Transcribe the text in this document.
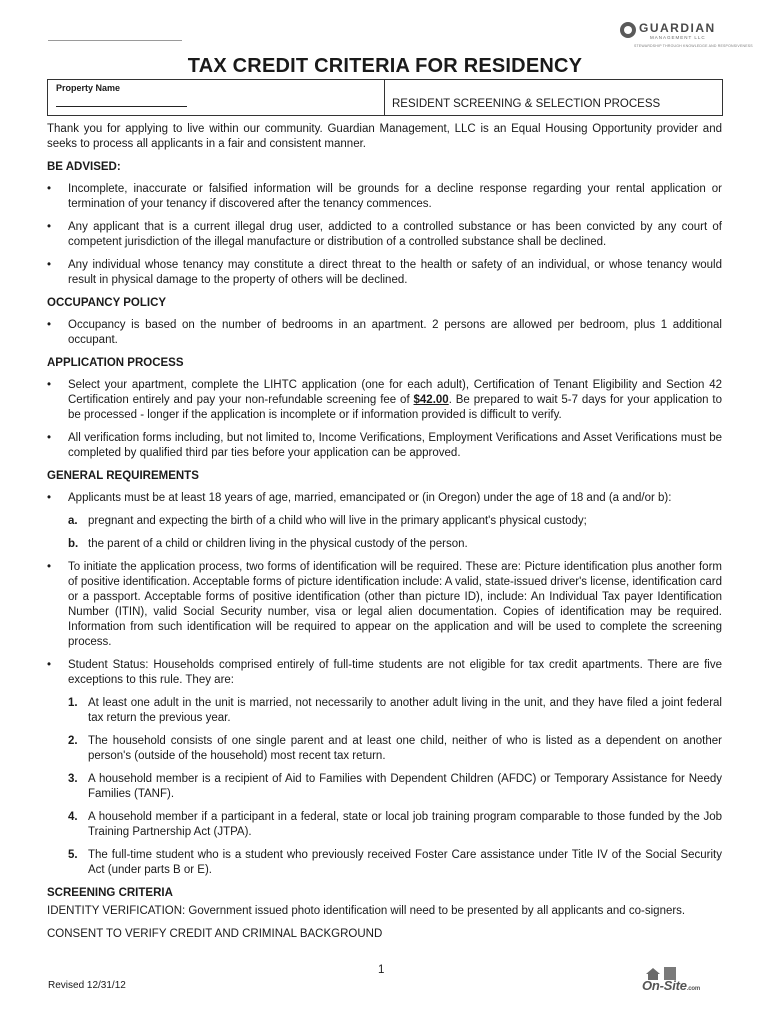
GUARDIAN
MANAGEMENT LLC
STEWARDSHIP THROUGH KNOWLEDGE AND RESPONSIVENESS
TAX CREDIT CRITERIA FOR RESIDENCY
Property Name
RESIDENT SCREENING & SELECTION PROCESS

Thank you for applying to live within our community. Guardian Management, LLC is an Equal Housing Opportunity provider and seeks to process all applicants in a fair and consistent manner.

BE ADVISED:

• Incomplete, inaccurate or falsified information will be grounds for a decline response regarding your rental application or termination of your tenancy if discovered after the tenancy commences.
• Any applicant that is a current illegal drug user, addicted to a controlled substance or has been convicted by any court of competent jurisdiction of the illegal manufacture or distribution of a controlled substance shall be declined.
• Any individual whose tenancy may constitute a direct threat to the health or safety of an individual, or whose tenancy would result in physical damage to the property of others will be declined.

OCCUPANCY POLICY

• Occupancy is based on the number of bedrooms in an apartment. 2 persons are allowed per bedroom, plus 1 additional occupant.

APPLICATION PROCESS

• Select your apartment, complete the LIHTC application (one for each adult), Certification of Tenant Eligibility and Section 42 Certification entirely and pay your non-refundable screening fee of $42.00. Be prepared to wait 5-7 days for your application to be processed - longer if the application is incomplete or if information provided is difficult to verify.
• All verification forms including, but not limited to, Income Verifications, Employment Verifications and Asset Verifications must be completed by qualified third par ties before your application can be approved.

GENERAL REQUIREMENTS

• Applicants must be at least 18 years of age, married, emancipated or (in Oregon) under the age of 18 and (a and/or b):
a. pregnant and expecting the birth of a child who will live in the primary applicant's physical custody;
b. the parent of a child or children living in the physical custody of the person.
• To initiate the application process, two forms of identification will be required. These are: Picture identification plus another form of positive identification. Acceptable forms of picture identification include: A valid, state-issued driver's license, identification card or a passport. Acceptable forms of positive identification (other than picture ID), include: An Individual Tax payer Identification Number (ITIN), valid Social Security number, visa or legal alien documentation. Copies of identification may be required. Information from such identification will be required to appear on the application and will be used to complete the screening process.
• Student Status: Households comprised entirely of full-time students are not eligible for tax credit apartments. There are five exceptions to this rule. They are:
1. At least one adult in the unit is married, not necessarily to another adult living in the unit, and they have filed a joint federal tax return the previous year.
2. The household consists of one single parent and at least one child, neither of who is listed as a dependent on another person's (outside of the household) most recent tax return.
3. A household member is a recipient of Aid to Families with Dependent Children (AFDC) or Temporary Assistance for Needy Families (TANF).
4. A household member if a participant in a federal, state or local job training program comparable to those funded by the Job Training Partnership Act (JTPA).
5. The full-time student who is a student who previously received Foster Care assistance under Title IV of the Social Security Act (under parts B or E).

SCREENING CRITERIA

IDENTITY VERIFICATION: Government issued photo identification will need to be presented by all applicants and co-signers.

CONSENT TO VERIFY CREDIT AND CRIMINAL BACKGROUND

1
Revised 12/31/12	On-Site.com
